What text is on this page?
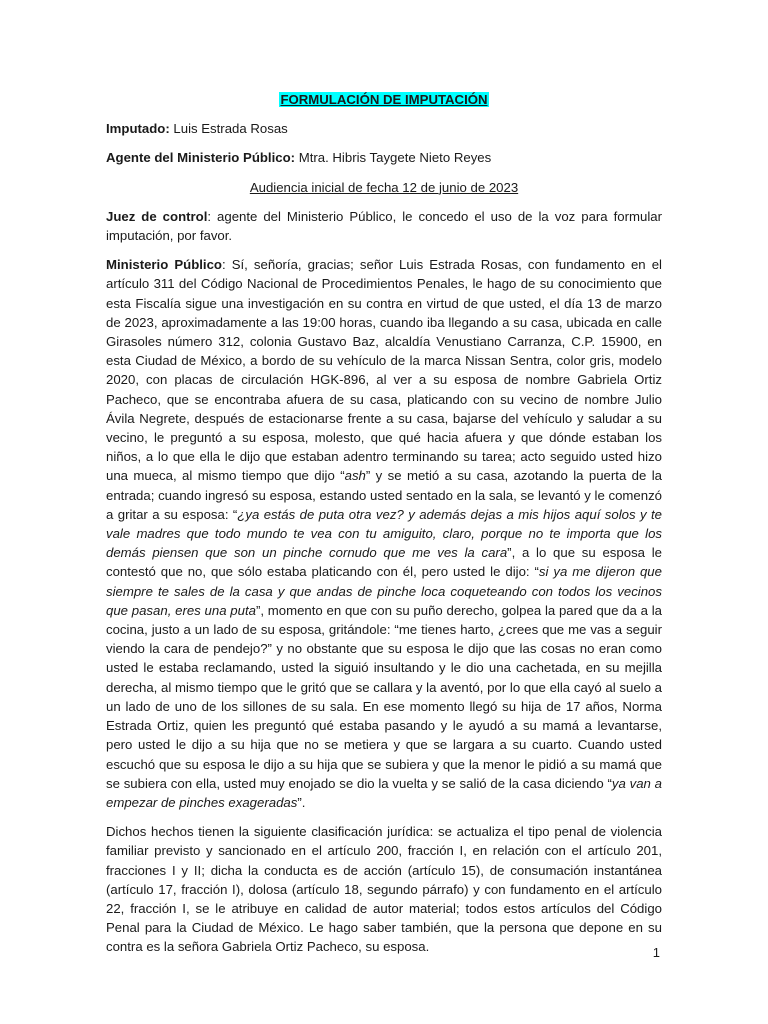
FORMULACIÓN DE IMPUTACIÓN
Imputado: Luis Estrada Rosas
Agente del Ministerio Público: Mtra. Hibris Taygete Nieto Reyes
Audiencia inicial de fecha 12 de junio de 2023

Juez de control: agente del Ministerio Público, le concedo el uso de la voz para formular imputación, por favor.

Ministerio Público: Sí, señoría, gracias; señor Luis Estrada Rosas, con fundamento en el artículo 311 del Código Nacional de Procedimientos Penales, le hago de su conocimiento que esta Fiscalía sigue una investigación en su contra en virtud de que usted, el día 13 de marzo de 2023, aproximadamente a las 19:00 horas, cuando iba llegando a su casa, ubicada en calle Girasoles número 312, colonia Gustavo Baz, alcaldía Venustiano Carranza, C.P. 15900, en esta Ciudad de México, a bordo de su vehículo de la marca Nissan Sentra, color gris, modelo 2020, con placas de circulación HGK-896, al ver a su esposa de nombre Gabriela Ortiz Pacheco, que se encontraba afuera de su casa, platicando con su vecino de nombre Julio Ávila Negrete, después de estacionarse frente a su casa, bajarse del vehículo y saludar a su vecino, le preguntó a su esposa, molesto, que qué hacia afuera y que dónde estaban los niños, a lo que ella le dijo que estaban adentro terminando su tarea; acto seguido usted hizo una mueca, al mismo tiempo que dijo “ash” y se metió a su casa, azotando la puerta de la entrada; cuando ingresó su esposa, estando usted sentado en la sala, se levantó y le comenzó a gritar a su esposa: “¿ya estás de puta otra vez? y además dejas a mis hijos aquí solos y te vale madres que todo mundo te vea con tu amiguito, claro, porque no te importa que los demás piensen que son un pinche cornudo que me ves la cara”, a lo que su esposa le contestó que no, que sólo estaba platicando con él, pero usted le dijo: “si ya me dijeron que siempre te sales de la casa y que andas de pinche loca coqueteando con todos los vecinos que pasan, eres una puta”, momento en que con su puño derecho, golpea la pared que da a la cocina, justo a un lado de su esposa, gritándole: “me tienes harto, ¿crees que me vas a seguir viendo la cara de pendejo?” y no obstante que su esposa le dijo que las cosas no eran como usted le estaba reclamando, usted la siguió insultando y le dio una cachetada, en su mejilla derecha, al mismo tiempo que le gritó que se callara y la aventó, por lo que ella cayó al suelo a un lado de uno de los sillones de su sala. En ese momento llegó su hija de 17 años, Norma Estrada Ortiz, quien les preguntó qué estaba pasando y le ayudó a su mamá a levantarse, pero usted le dijo a su hija que no se metiera y que se largara a su cuarto. Cuando usted escuchó que su esposa le dijo a su hija que se subiera y que la menor le pidió a su mamá que se subiera con ella, usted muy enojado se dio la vuelta y se salió de la casa diciendo “ya van a empezar de pinches exageradas”.

Dichos hechos tienen la siguiente clasificación jurídica: se actualiza el tipo penal de violencia familiar previsto y sancionado en el artículo 200, fracción I, en relación con el artículo 201, fracciones I y II; dicha la conducta es de acción (artículo 15), de consumación instantánea (artículo 17, fracción I), dolosa (artículo 18, segundo párrafo) y con fundamento en el artículo 22, fracción I, se le atribuye en calidad de autor material; todos estos artículos del Código Penal para la Ciudad de México. Le hago saber también, que la persona que depone en su contra es la señora Gabriela Ortiz Pacheco, su esposa.	1
